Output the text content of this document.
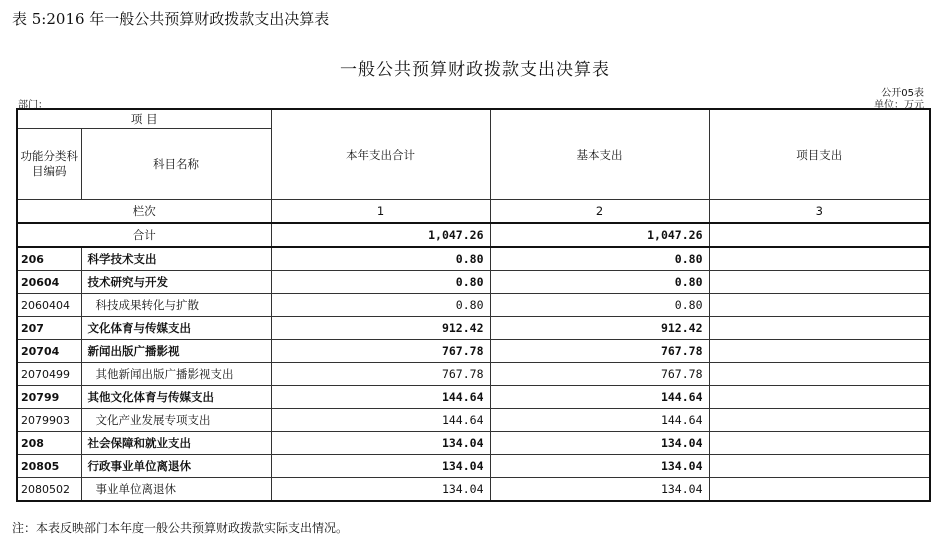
表 5:2016 年一般公共预算财政拨款支出决算表
一般公共预算财政拨款支出决算表
公开05表
部门：	单位：万元
项 目		本年支出合计	基本支出	项目支出
功能分类科目编码	科目名称			
栏次		1	2	3
合计		1,047.26	1,047.26	
206	科学技术支出	0.80	0.80	
20604	技术研究与开发	0.80	0.80	
2060404	科技成果转化与扩散	0.80	0.80	
207	文化体育与传媒支出	912.42	912.42	
20704	新闻出版广播影视	767.78	767.78	
2070499	其他新闻出版广播影视支出	767.78	767.78	
20799	其他文化体育与传媒支出	144.64	144.64	
2079903	文化产业发展专项支出	144.64	144.64	
208	社会保障和就业支出	134.04	134.04	
20805	行政事业单位离退休	134.04	134.04	
2080502	事业单位离退休	134.04	134.04	
注：本表反映部门本年度一般公共预算财政拨款实际支出情况。
